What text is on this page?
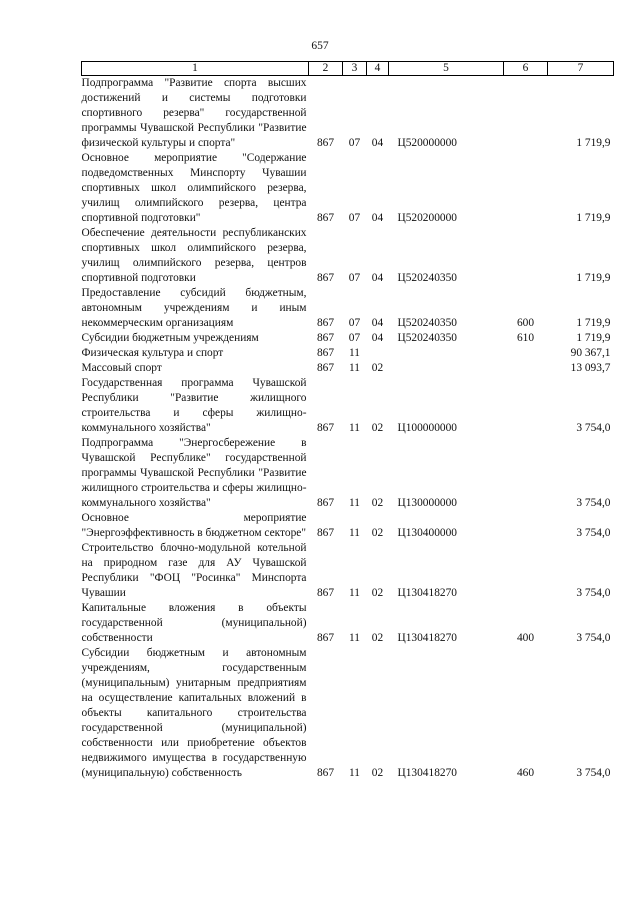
657
1	2	3	4	5	6	7
Подпрограмма "Развитие спорта высших достижений и системы подготовки спортивного резерва" государственной программы Чувашской Республики "Развитие физической культуры и спорта"	867	07	04	Ц520000000		1 719,9
Основное мероприятие "Содержание подведомственных Минспорту Чувашии спортивных школ олимпийского резерва, училищ олимпийского резерва, центра спортивной подготовки"	867	07	04	Ц520200000		1 719,9
Обеспечение деятельности республиканских спортивных школ олимпийского резерва, училищ олимпийского резерва, центров спортивной подготовки	867	07	04	Ц520240350		1 719,9
Предоставление субсидий бюджетным, автономным учреждениям и иным некоммерческим организациям	867	07	04	Ц520240350	600	1 719,9
Субсидии бюджетным учреждениям	867	07	04	Ц520240350	610	1 719,9
Физическая культура и спорт	867	11				90 367,1
Массовый спорт	867	11	02			13 093,7
Государственная программа Чувашской Республики "Развитие жилищного строительства и сферы жилищно-коммунального хозяйства"	867	11	02	Ц100000000		3 754,0
Подпрограмма "Энергосбережение в Чувашской Республике" государственной программы Чувашской Республики "Развитие жилищного строительства и сферы жилищно-коммунального хозяйства"	867	11	02	Ц130000000		3 754,0
Основное мероприятие "Энергоэффективность в бюджетном секторе"	867	11	02	Ц130400000		3 754,0
Строительство блочно-модульной котельной на природном газе для АУ Чувашской Республики "ФОЦ "Росинка" Минспорта Чувашии	867	11	02	Ц130418270		3 754,0
Капитальные вложения в объекты государственной (муниципальной) собственности	867	11	02	Ц130418270	400	3 754,0
Субсидии бюджетным и автономным учреждениям, государственным (муниципальным) унитарным предприятиям на осуществление капитальных вложений в объекты капитального строительства государственной (муниципальной) собственности или приобретение объектов недвижимого имущества в государственную (муниципальную) собственность	867	11	02	Ц130418270	460	3 754,0
